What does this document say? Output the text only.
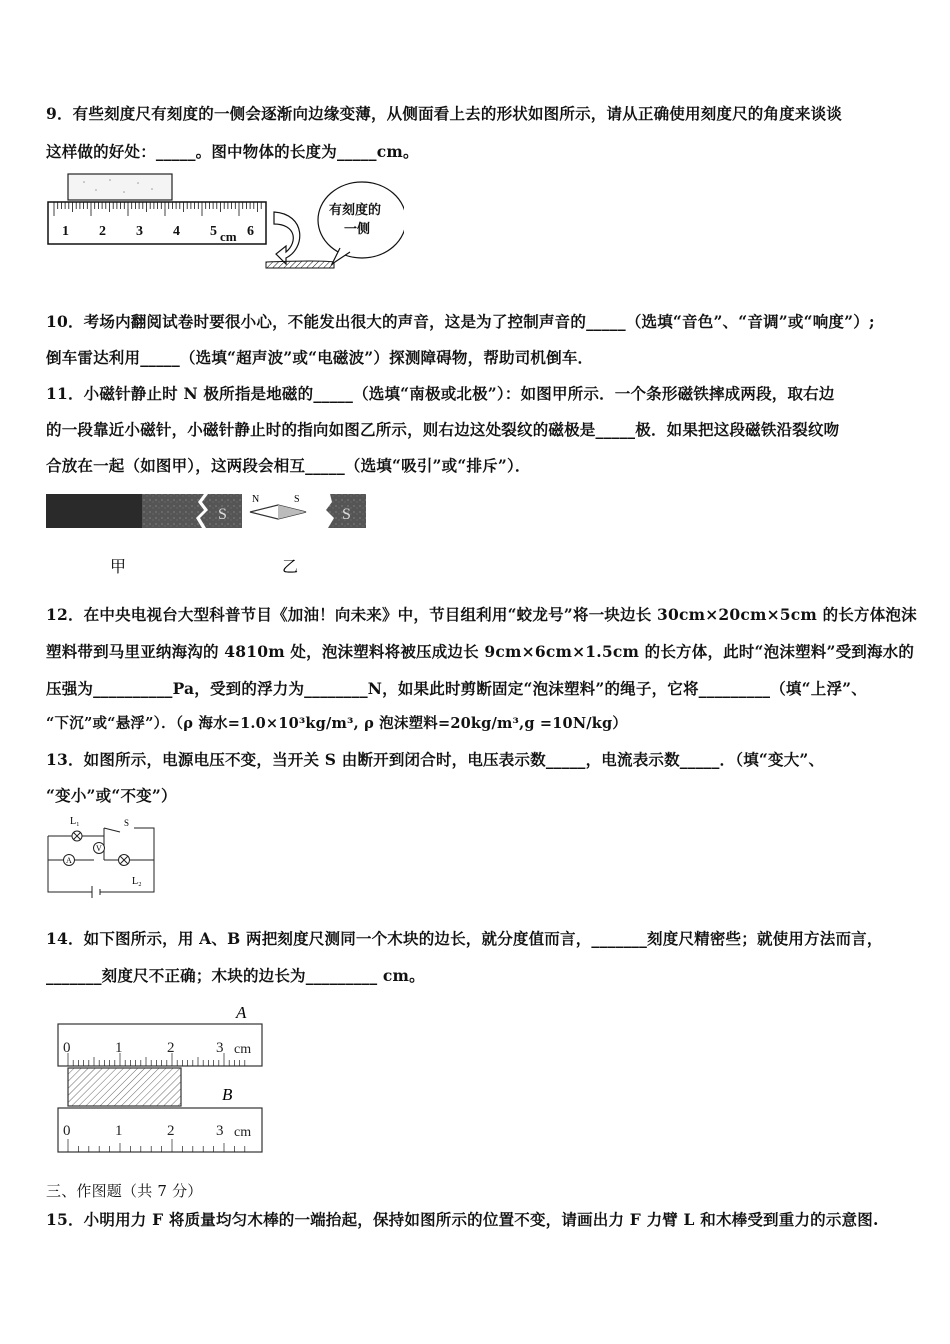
9．有些刻度尺有刻度的一侧会逐渐向边缘变薄，从侧面看上去的形状如图所示，请从正确使用刻度尺的角度来谈谈
这样做的好处：_____。图中物体的长度为_____cm。
1 2 3 4 5 6
cm
有刻度的
一侧
10．考场内翻阅试卷时要很小心，不能发出很大的声音，这是为了控制声音的_____（选填“音色”、“音调”或“响度”）;
倒车雷达利用_____（选填“超声波”或“电磁波”）探测障碍物，帮助司机倒车．
11．小磁针静止时 N 极所指是地磁的_____（选填“南极或北极”）：如图甲所示．一个条形磁铁摔成两段，取右边
的一段靠近小磁针，小磁针静止时的指向如图乙所示，则右边这处裂纹的磁极是_____极．如果把这段磁铁沿裂纹吻
合放在一起（如图甲），这两段会相互_____（选填“吸引”或“排斥”）．
S
N	S
S
甲	乙
12．在中央电视台大型科普节目《加油！向未来》中，节目组利用“蛟龙号”将一块边长 30cm×20cm×5cm 的长方体泡沫
塑料带到马里亚纳海沟的 4810m 处，泡沫塑料将被压成边长 9cm×6cm×1.5cm 的长方体，此时“泡沫塑料”受到海水的
压强为__________Pa，受到的浮力为________N，如果此时剪断固定“泡沫塑料”的绳子，它将_________（填“上浮”、
“下沉”或“悬浮”）．（ρ 海水=1.0×10³kg/m³, ρ 泡沫塑料=20kg/m³,g =10N/kg）
13．如图所示，电源电压不变，当开关 S 由断开到闭合时，电压表示数_____，电流表示数_____．（填“变大”、
“变小”或“不变”）
A
V
L₁	S
L₂
14．如下图所示，用 A、B 两把刻度尺测同一个木块的边长，就分度值而言，_______刻度尺精密些；就使用方法而言，
_______刻度尺不正确；木块的边长为_________ cm。
A
0	1	2	3 cm
B
0	1	2	3 cm
三、作图题（共 7 分）
15．小明用力 F 将质量均匀木棒的一端抬起，保持如图所示的位置不变，请画出力 F 力臂 L 和木棒受到重力的示意图.
